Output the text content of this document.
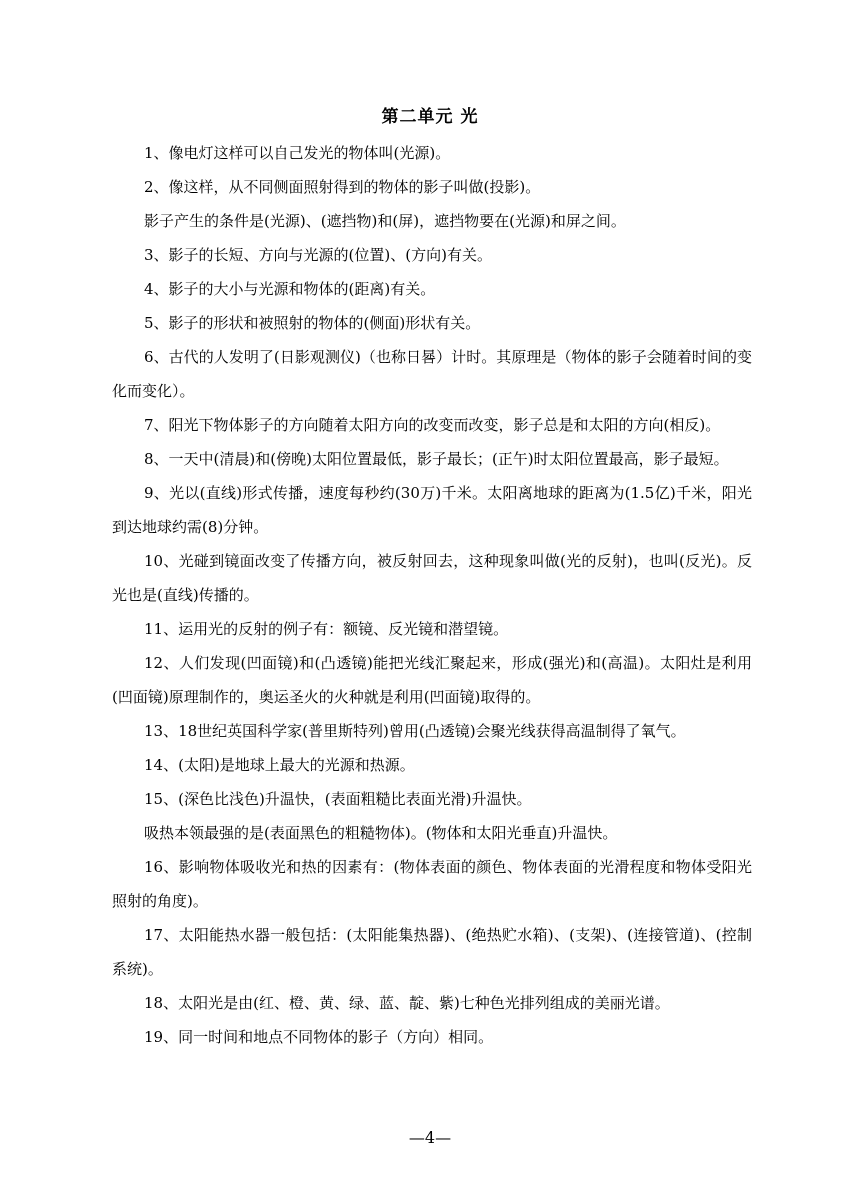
第二单元 光

1、像电灯这样可以自己发光的物体叫(光源)。

2、像这样，从不同侧面照射得到的物体的影子叫做(投影)。

影子产生的条件是(光源)、(遮挡物)和(屏)，遮挡物要在(光源)和屏之间。

3、影子的长短、方向与光源的(位置)、(方向)有关。

4、影子的大小与光源和物体的(距离)有关。

5、影子的形状和被照射的物体的(侧面)形状有关。

6、古代的人发明了(日影观测仪)（也称日晷）计时。其原理是（物体的影子会随着时间的变化而变化）。

7、阳光下物体影子的方向随着太阳方向的改变而改变，影子总是和太阳的方向(相反)。

8、一天中(清晨)和(傍晚)太阳位置最低，影子最长；(正午)时太阳位置最高，影子最短。

9、光以(直线)形式传播，速度每秒约(30万)千米。太阳离地球的距离为(1.5亿)千米，阳光到达地球约需(8)分钟。

10、光碰到镜面改变了传播方向，被反射回去，这种现象叫做(光的反射)，也叫(反光)。反光也是(直线)传播的。

11、运用光的反射的例子有：额镜、反光镜和潜望镜。

12、人们发现(凹面镜)和(凸透镜)能把光线汇聚起来，形成(强光)和(高温)。太阳灶是利用(凹面镜)原理制作的，奥运圣火的火种就是利用(凹面镜)取得的。

13、18世纪英国科学家(普里斯特列)曾用(凸透镜)会聚光线获得高温制得了氧气。

14、(太阳)是地球上最大的光源和热源。

15、(深色比浅色)升温快，(表面粗糙比表面光滑)升温快。

吸热本领最强的是(表面黑色的粗糙物体)。(物体和太阳光垂直)升温快。

16、影响物体吸收光和热的因素有：(物体表面的颜色、物体表面的光滑程度和物体受阳光照射的角度)。

17、太阳能热水器一般包括：(太阳能集热器)、(绝热贮水箱)、(支架)、(连接管道)、(控制系统)。

18、太阳光是由(红、橙、黄、绿、蓝、靛、紫)七种色光排列组成的美丽光谱。

19、同一时间和地点不同物体的影子（方向）相同。

—4—
